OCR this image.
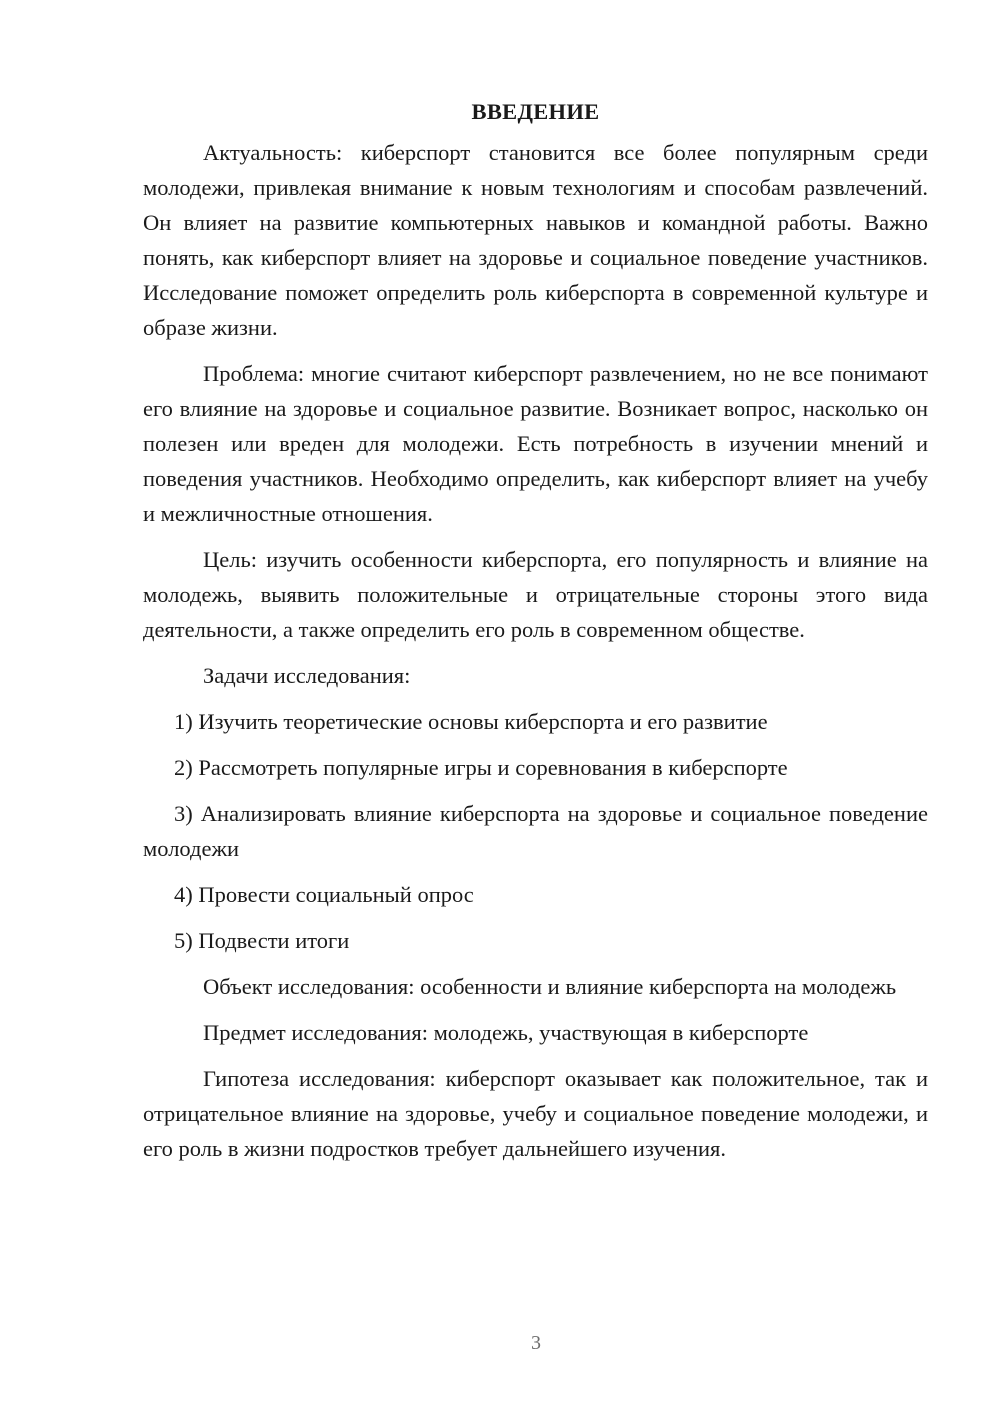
ВВЕДЕНИЕ

Актуальность: киберспорт становится все более популярным среди молодежи, привлекая внимание к новым технологиям и способам развлечений. Он влияет на развитие компьютерных навыков и командной работы. Важно понять, как киберспорт влияет на здоровье и социальное поведение участников. Исследование поможет определить роль киберспорта в современной культуре и образе жизни.

Проблема: многие считают киберспорт развлечением, но не все понимают его влияние на здоровье и социальное развитие. Возникает вопрос, насколько он полезен или вреден для молодежи. Есть потребность в изучении мнений и поведения участников. Необходимо определить, как киберспорт влияет на учебу и межличностные отношения.

Цель: изучить особенности киберспорта, его популярность и влияние на молодежь, выявить положительные и отрицательные стороны этого вида деятельности, а также определить его роль в современном обществе.

Задачи исследования:

1) Изучить теоретические основы киберспорта и его развитие

2) Рассмотреть популярные игры и соревнования в киберспорте

3) Анализировать влияние киберспорта на здоровье и социальное поведение молодежи

4) Провести социальный опрос

5) Подвести итоги

Объект исследования: особенности и влияние киберспорта на молодежь

Предмет исследования: молодежь, участвующая в киберспорте

Гипотеза исследования: киберспорт оказывает как положительное, так и отрицательное влияние на здоровье, учебу и социальное поведение молодежи, и его роль в жизни подростков требует дальнейшего изучения.

3
